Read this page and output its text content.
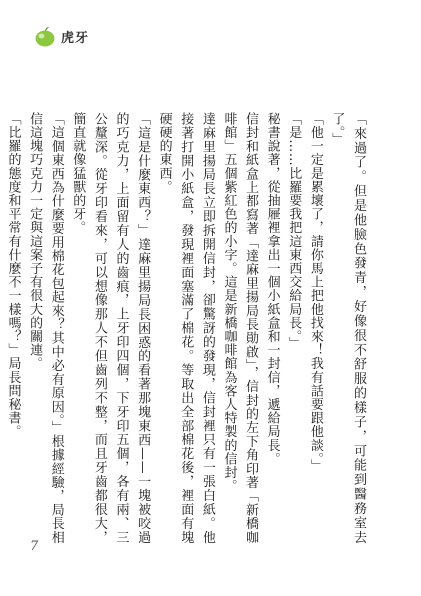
虎牙

「來過了。但是他臉色發青，好像很不舒服的樣子，可能到醫務室去了。」

「他一定是累壞了，請你馬上把他找來！我有話要跟他談。」

「是……比羅要我把這東西交給局長。」

秘書說著，從抽屜裡拿出一個小紙盒和一封信，遞給局長。

信封和紙盒上都寫著「達麻里揚局長勛啟」，信封的左下角印著「新橋咖啡館」五個紫紅色的小字。這是新橋咖啡館為客人特製的信封。

達麻里揚局長立即拆開信封，卻驚訝的發現，信封裡只有一張白紙。他接著打開小紙盒，發現裡面塞滿了棉花。等取出全部棉花後，裡面有塊硬硬的東西。

「這是什麼東西？」達麻里揚局長困惑的看著那塊東西——一塊被咬過的巧克力，上面留有人的齒痕，上牙印四個，下牙印五個，各有兩、三公釐深。從牙印看來，可以想像那人不但齒列不整，而且牙齒都很大，簡直就像猛獸的牙。

「這個東西為什麼要用棉花包起來？其中必有原因。」根據經驗，局長相信這塊巧克力一定與這案子有很大的關連。

「比羅的態度和平常有什麼不一樣嗎？」局長問秘書。

7
